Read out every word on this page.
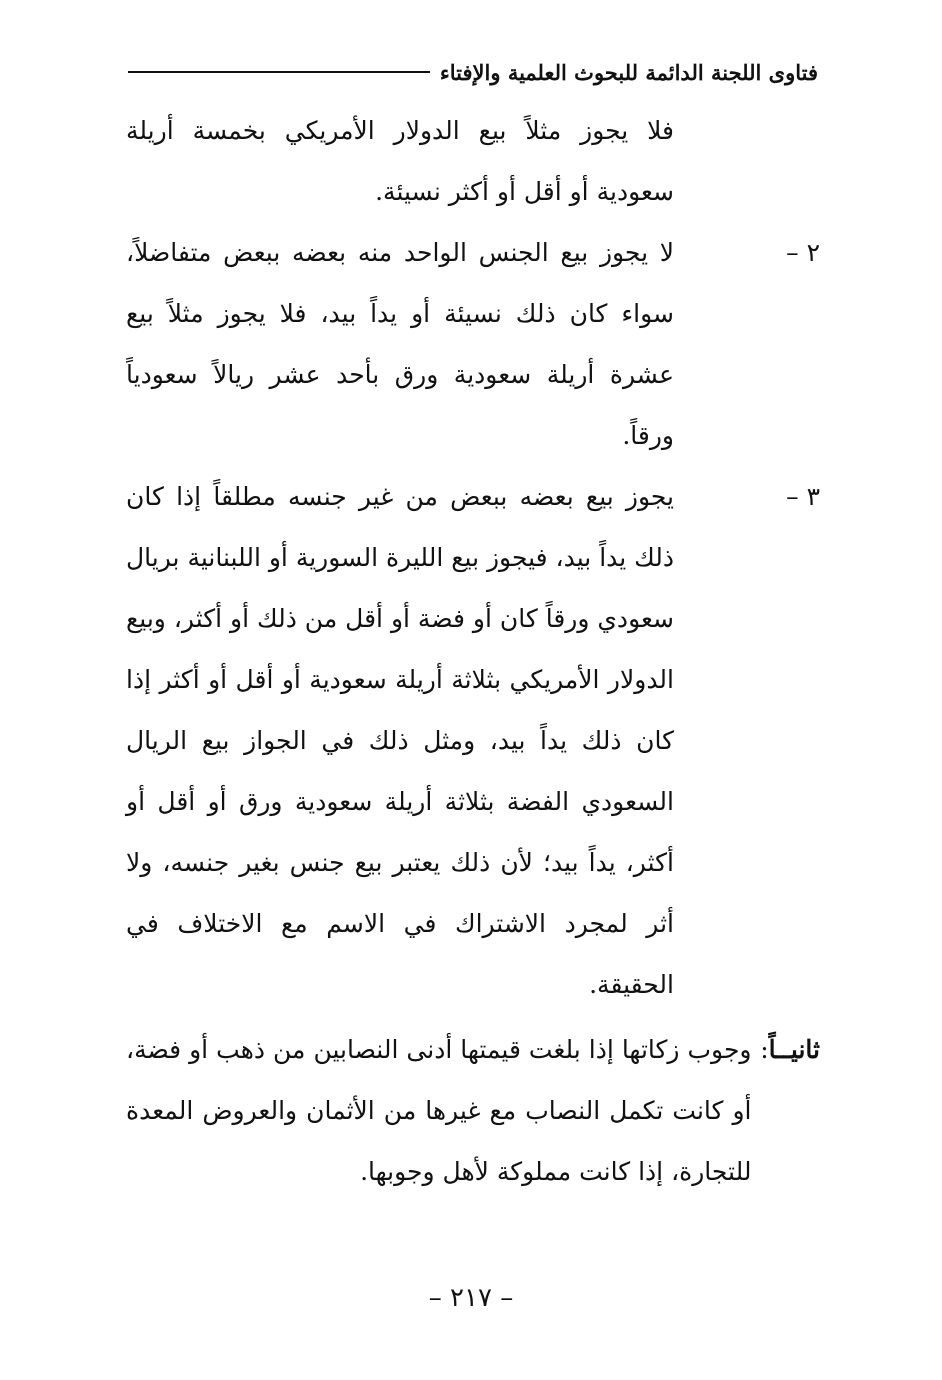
فتاوى اللجنة الدائمة للبحوث العلمية والإفتاء
فلا يجوز مثلاً بيع الدولار الأمريكي بخمسة أريلة سعودية أو أقل أو أكثر نسيئة.
٢ –
لا يجوز بيع الجنس الواحد منه بعضه ببعض متفاضلاً، سواء كان ذلك نسيئة أو يداً بيد، فلا يجوز مثلاً بيع عشرة أريلة سعودية ورق بأحد عشر ريالاً سعودياً ورقاً.
٣ –
يجوز بيع بعضه ببعض من غير جنسه مطلقاً إذا كان ذلك يداً بيد، فيجوز بيع الليرة السورية أو اللبنانية بريال سعودي ورقاً كان أو فضة أو أقل من ذلك أو أكثر، وبيع الدولار الأمريكي بثلاثة أريلة سعودية أو أقل أو أكثر إذا كان ذلك يداً بيد، ومثل ذلك في الجواز بيع الريال السعودي الفضة بثلاثة أريلة سعودية ورق أو أقل أو أكثر، يداً بيد؛ لأن ذلك يعتبر بيع جنس بغير جنسه، ولا أثر لمجرد الاشتراك في الاسم مع الاختلاف في الحقيقة.
ثانيــاً:
وجوب زكاتها إذا بلغت قيمتها أدنى النصابين من ذهب أو فضة، أو كانت تكمل النصاب مع غيرها من الأثمان والعروض المعدة للتجارة، إذا كانت مملوكة لأهل وجوبها.
– ٢١٧ –
